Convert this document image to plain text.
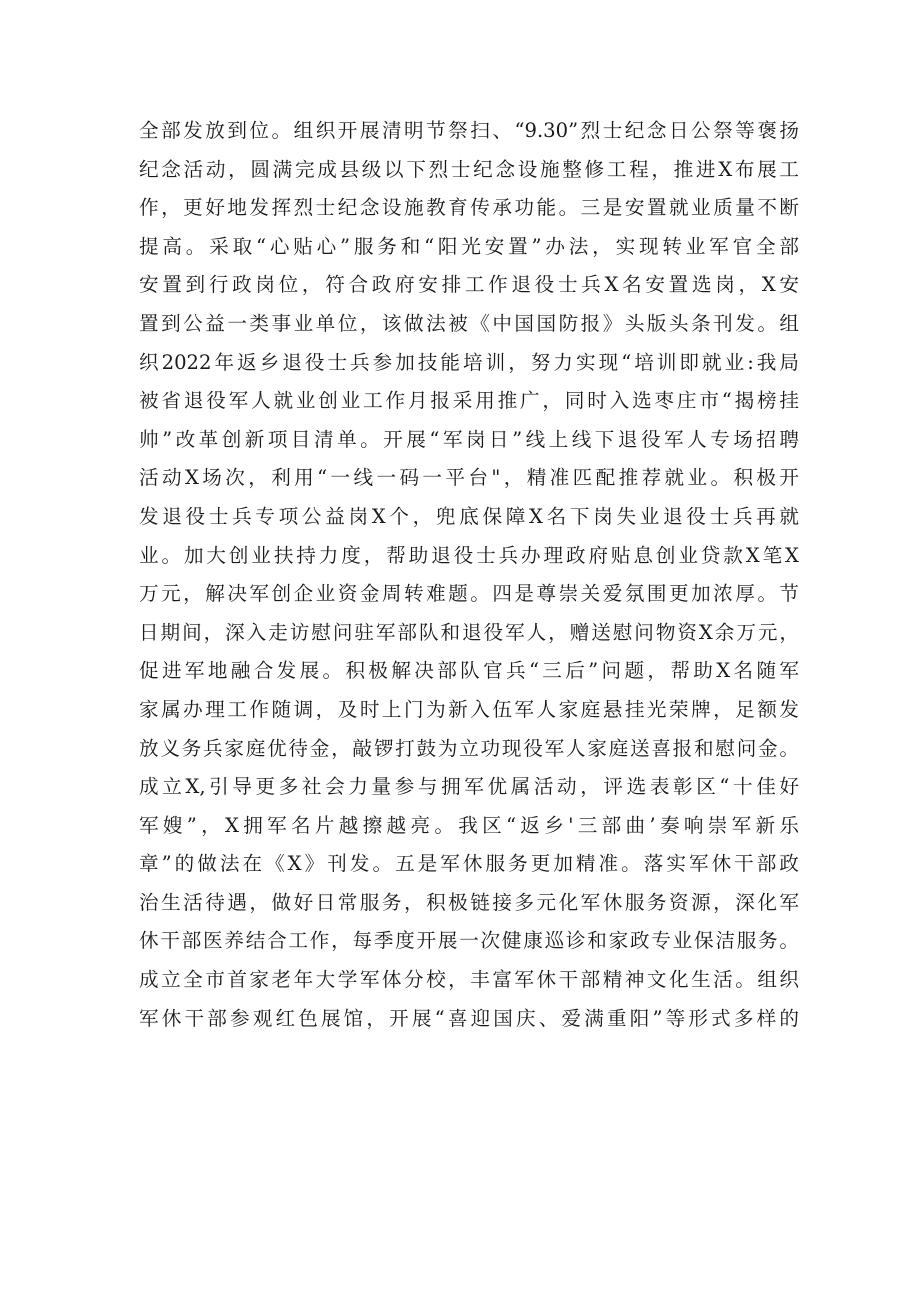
全部发放到位。组织开展清明节祭扫、“9.30”烈士纪念日公祭等褒扬
纪念活动，圆满完成县级以下烈士纪念设施整修工程，推进X布展工
作，更好地发挥烈士纪念设施教育传承功能。三是安置就业质量不断
提高。采取“心贴心”服务和“阳光安置”办法，实现转业军官全部
安置到行政岗位，符合政府安排工作退役士兵X名安置选岗，X安
置到公益一类事业单位，该做法被《中国国防报》头版头条刊发。组
织2022年返乡退役士兵参加技能培训，努力实现“培训即就业:我局
被省退役军人就业创业工作月报采用推广，同时入选枣庄市“揭榜挂
帅”改革创新项目清单。开展“军岗日”线上线下退役军人专场招聘
活动X场次，利用“一线一码一平台"，精准匹配推荐就业。积极开
发退役士兵专项公益岗X个，兜底保障X名下岗失业退役士兵再就
业。加大创业扶持力度，帮助退役士兵办理政府贴息创业贷款X笔X
万元，解决军创企业资金周转难题。四是尊崇关爱氛围更加浓厚。节
日期间，深入走访慰问驻军部队和退役军人，赠送慰问物资X余万元，
促进军地融合发展。积极解决部队官兵“三后”问题，帮助X名随军
家属办理工作随调，及时上门为新入伍军人家庭悬挂光荣牌，足额发
放义务兵家庭优待金，敲锣打鼓为立功现役军人家庭送喜报和慰问金。
成立X,引导更多社会力量参与拥军优属活动，评选表彰区“十佳好
军嫂”，X拥军名片越擦越亮。我区“返乡'三部曲’奏响崇军新乐
章”的做法在《X》刊发。五是军休服务更加精准。落实军休干部政
治生活待遇，做好日常服务，积极链接多元化军休服务资源，深化军
休干部医养结合工作，每季度开展一次健康巡诊和家政专业保洁服务。
成立全市首家老年大学军体分校，丰富军休干部精神文化生活。组织
军休干部参观红色展馆，开展“喜迎国庆、爱满重阳”等形式多样的
